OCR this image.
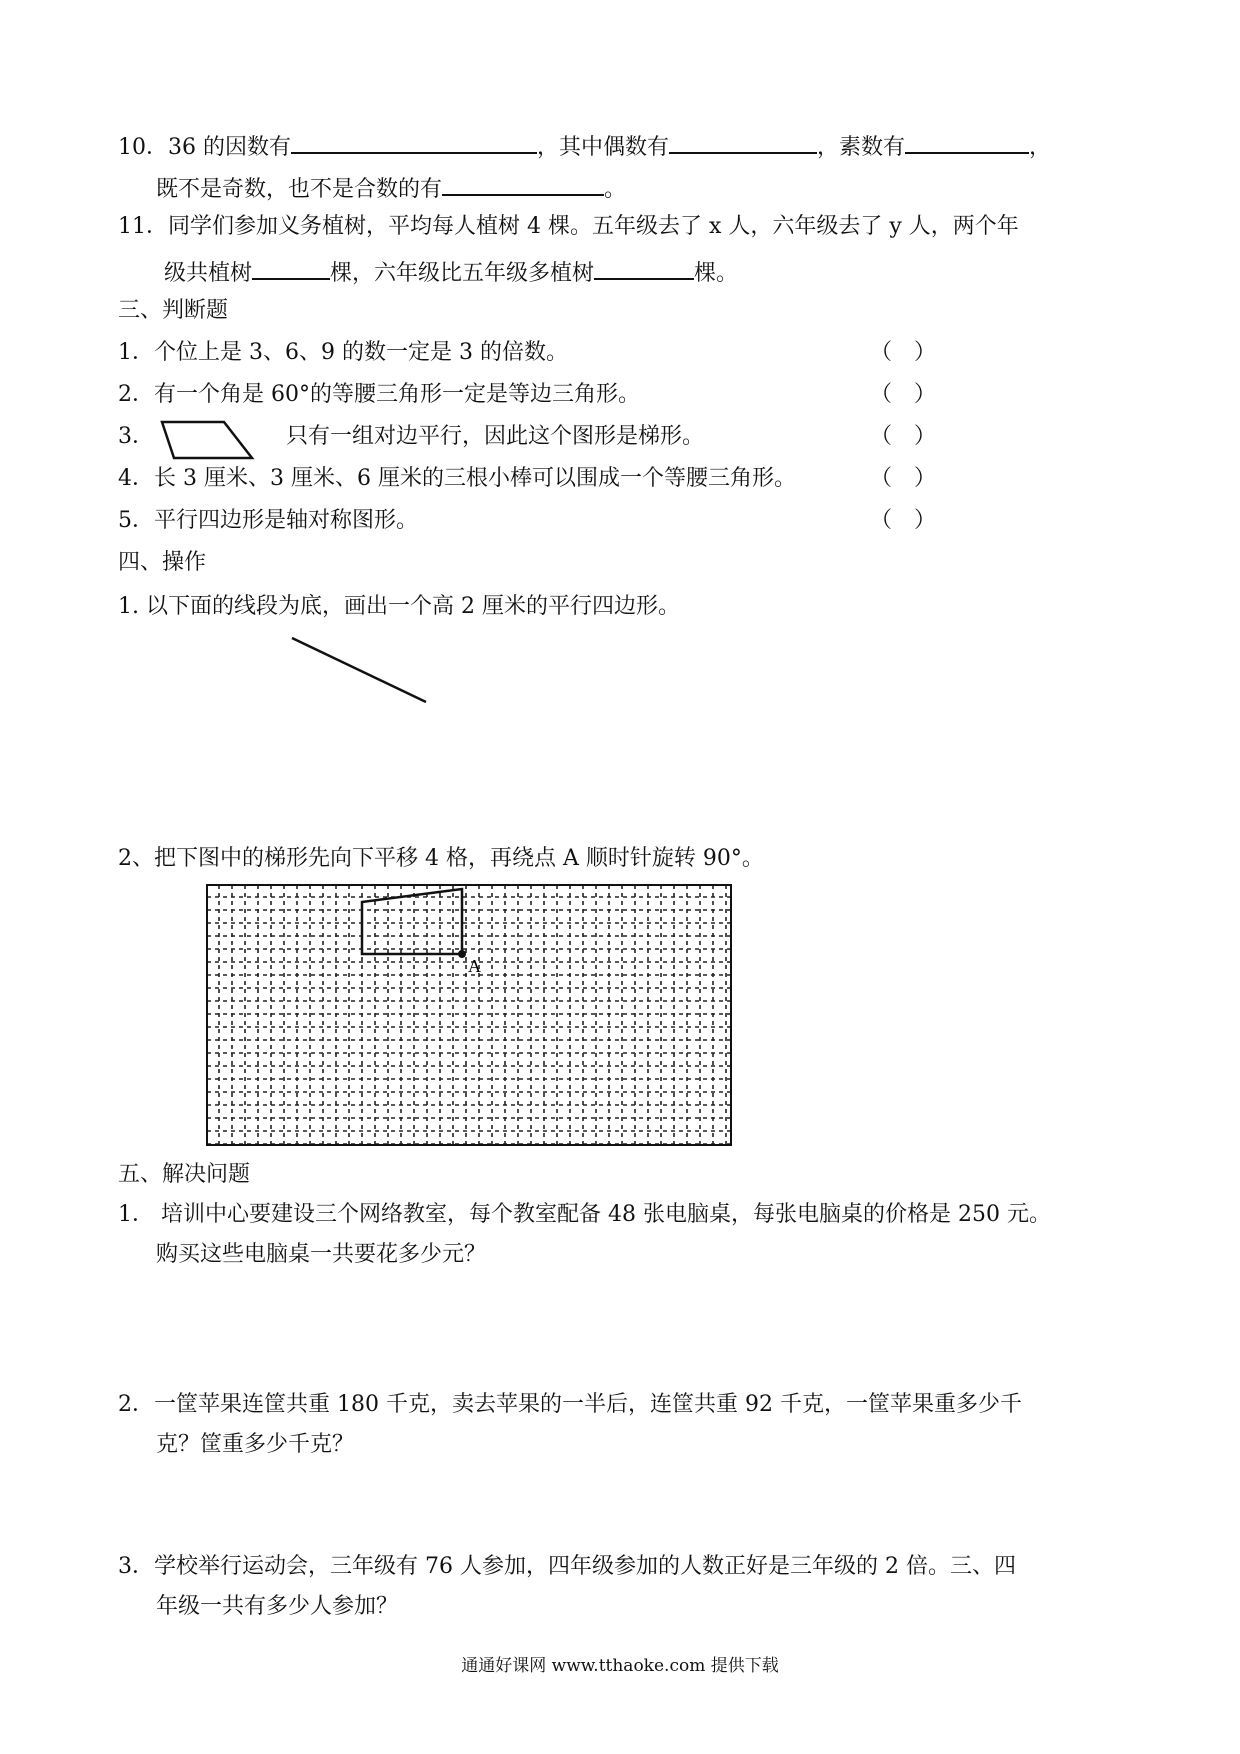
10．36 的因数有	，其中偶数有	，素数有	，
既不是奇数，也不是合数的有	。
11．同学们参加义务植树，平均每人植树 4 棵。五年级去了 x 人，六年级去了 y 人，两个年
级共植树	棵，六年级比五年级多植树	棵。
三、判断题
1．个位上是 3、6、9 的数一定是 3 的倍数。
2．有一个角是 60°的等腰三角形一定是等边三角形。
3．	只有一组对边平行，因此这个图形是梯形。
4．长 3 厘米、3 厘米、6 厘米的三根小棒可以围成一个等腰三角形。
5．平行四边形是轴对称图形。
（　）
（　）
（　）
（　）
（　）
四、操作
1. 以下面的线段为底，画出一个高 2 厘米的平行四边形。
2、把下图中的梯形先向下平移 4 格，再绕点 A 顺时针旋转 90°。
A
五、解决问题
1． 培训中心要建设三个网络教室，每个教室配备 48 张电脑桌，每张电脑桌的价格是 250 元。
购买这些电脑桌一共要花多少元？
2．一筐苹果连筐共重 180 千克，卖去苹果的一半后，连筐共重 92 千克，一筐苹果重多少千
克？筐重多少千克？
3．学校举行运动会，三年级有 76 人参加，四年级参加的人数正好是三年级的 2 倍。三、四
年级一共有多少人参加？
通通好课网 www.tthaoke.com 提供下载
